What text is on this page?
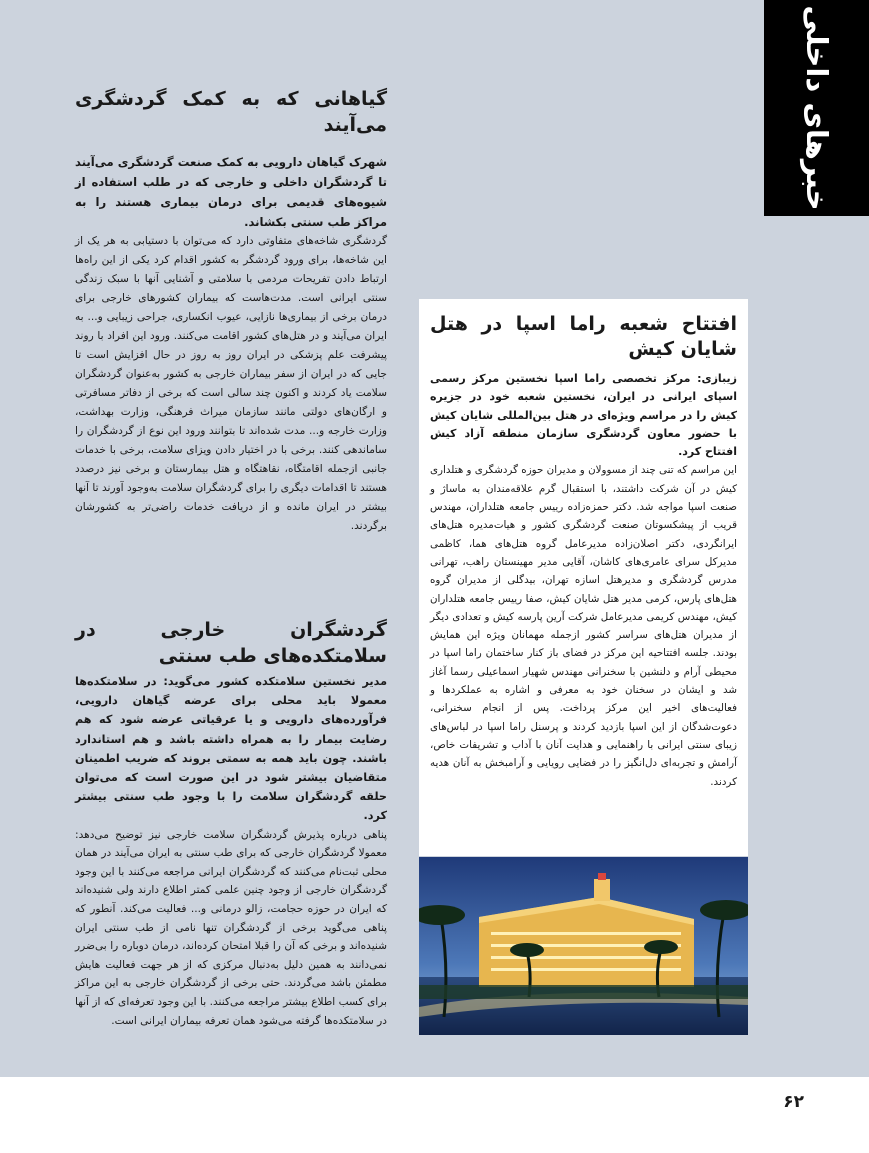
خبرهای داخلی
گیاهانی که به کمک گردشگری می‌آیند

شهرک گیاهان دارویی به کمک صنعت گردشگری می‌آیند تا گردشگران داخلی و خارجی که در طلب استفاده از شیوه‌های قدیمی برای درمان بیماری هستند را به مراکز طب سنتی بکشاند.

گردشگری شاخه‌های متفاوتی دارد که می‌توان با دستیابی به هر یک از این شاخه‌ها، برای ورود گردشگر به کشور اقدام کرد یکی از این راه‌ها ارتباط دادن تفریحات مردمی با سلامتی و آشنایی آنها با سبک زندگی سنتی ایرانی است. مدت‌هاست که بیماران کشورهای خارجی برای درمان برخی از بیماری‌ها نازایی، عیوب انکساری، جراحی زیبایی و... به ایران می‌آیند و در هتل‌های کشور اقامت می‌کنند. ورود این افراد با روند پیشرفت علم پزشکی در ایران روز به روز در حال افزایش است تا جایی که در ایران از سفر بیماران خارجی به کشور به‌عنوان گردشگران سلامت یاد کردند و اکنون چند سالی است که برخی از دفاتر مسافرتی و ارگان‌های دولتی مانند سازمان میراث فرهنگی، وزارت بهداشت، وزارت خارجه و... مدت شده‌اند تا بتوانند ورود این نوع از گردشگران را ساماندهی کنند. برخی با در اختیار دادن ویزای سلامت، برخی با خدمات جانبی ازجمله اقامتگاه، نقاهتگاه و هتل بیمارستان و برخی نیز درصدد هستند تا اقدامات دیگری را برای گردشگران سلامت به‌وجود آورند تا آنها بیشتر در ایران مانده و از دریافت خدمات راضی‌تر به کشورشان برگردند.

گردشگران خارجی در سلامتکده‌های طب سنتی

مدیر نخستین سلامتکده کشور می‌گوید: در سلامتکده‌ها معمولا باید محلی برای عرضه گیاهان دارویی، فرآورده‌های دارویی و یا عرقیاتی عرضه شود که هم رضایت بیمار را به همراه داشته باشد و هم استاندارد باشند. چون باید همه به سمتی بروند که ضریب اطمینان متقاضیان بیشتر شود در این صورت است که می‌توان حلقه گردشگران سلامت را با وجود طب سنتی بیشتر کرد.

پناهی درباره پذیرش گردشگران سلامت خارجی نیز توضیح می‌دهد: معمولا گردشگران خارجی که برای طب سنتی به ایران می‌آیند در همان محلی ثبت‌نام می‌کنند که گردشگران ایرانی مراجعه می‌کنند با این وجود گردشگران خارجی از وجود چنین علمی کمتر اطلاع دارند ولی شنیده‌اند که ایران در حوزه حجامت، زالو درمانی و... فعالیت می‌کند. آنطور که پناهی می‌گوید برخی از گردشگران تنها نامی از طب سنتی ایران شنیده‌اند و برخی که آن را قبلا امتحان کرده‌اند، درمان دوباره را بی‌ضرر نمی‌دانند به همین دلیل به‌دنبال مرکزی که از هر جهت فعالیت هایش مطمئن باشد می‌گردند. حتی برخی از گردشگران خارجی به این مراکز برای کسب اطلاع بیشتر مراجعه می‌کنند. با این وجود تعرفه‌ای که از آنها در سلامتکده‌ها گرفته می‌شود همان تعرفه بیماران ایرانی است.

افتتاح شعبه راما اسپا در هتل شایان کیش

زیبازی: مرکز تخصصی راما اسپا نخستین مرکز رسمی اسپای ایرانی در ایران، نخستین شعبه خود در جزیره کیش را در مراسم ویژه‌ای در هتل بین‌المللی شایان کیش با حضور معاون گردشگری سازمان منطقه آزاد کیش افتتاح کرد.

این مراسم که تنی چند از مسوولان و مدیران حوزه گردشگری و هتلداری کیش در آن شرکت داشتند، با استقبال گرم علاقه‌مندان به ماساژ و صنعت اسپا مواجه شد. دکتر حمزه‌زاده رییس جامعه هتلداران، مهندس قریب از پیشکسوتان صنعت گردشگری کشور و هیات‌مدیره هتل‌های ایرانگردی، دکتر اصلان‌زاده مدیرعامل گروه هتل‌های هما، کاظمی مدیرکل سرای عامری‌های کاشان، آقایی مدیر مهینستان راهب، تهرانی مدرس گردشگری و مدیرهتل اسازه تهران، بیدگلی از مدیران گروه هتل‌های پارس، کرمی مدیر هتل شایان کیش، صفا رییس جامعه هتلداران کیش، مهندس کریمی مدیرعامل شرکت آرین پارسه کیش و تعدادی دیگر از مدیران هتل‌های سراسر کشور ازجمله مهمانان ویژه این همایش بودند. جلسه افتتاحیه این مرکز در فضای باز کنار ساختمان راما اسپا در محیطی آرام و دلنشین با سخنرانی مهندس شهیار اسماعیلی رسما آغاز شد و ایشان در سخنان خود به معرفی و اشاره به عملکردها و فعالیت‌های اخیر این مرکز پرداخت. پس از انجام سخنرانی، دعوت‌شدگان از این اسپا بازدید کردند و پرسنل راما اسپا در لباس‌های زیبای سنتی ایرانی با راهنمایی و هدایت آنان با آداب و تشریفات خاص، آرامش و تجربه‌ای دل‌انگیز را در فضایی رویایی و آرامبخش به آنان هدیه کردند.

۶۲
